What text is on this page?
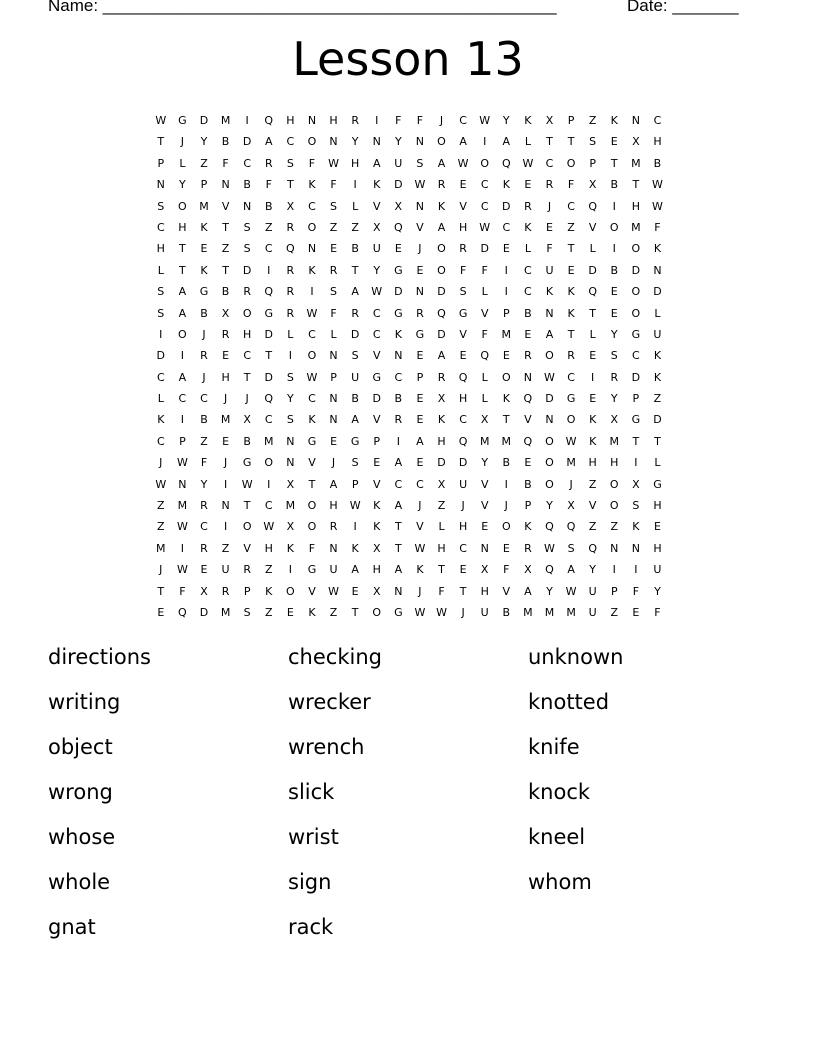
Name: ________________________________________________	Date: _______
Lesson 13
W	G	D	M	I	Q	H	N	H	R	I	F	F	J	C	W	Y	K	X	P	Z	K	N	C
T	J	Y	B	D	A	C	O	N	Y	N	Y	N	O	A	I	A	L	T	T	S	E	X	H
P	L	Z	F	C	R	S	F	W	H	A	U	S	A	W	O	Q	W	C	O	P	T	M	B
N	Y	P	N	B	F	T	K	F	I	K	D	W	R	E	C	K	E	R	F	X	B	T	W
S	O	M	V	N	B	X	C	S	L	V	X	N	K	V	C	D	R	J	C	Q	I	H	W
C	H	K	T	S	Z	R	O	Z	Z	X	Q	V	A	H	W	C	K	E	Z	V	O	M	F
H	T	E	Z	S	C	Q	N	E	B	U	E	J	O	R	D	E	L	F	T	L	I	O	K
L	T	K	T	D	I	R	K	R	T	Y	G	E	O	F	F	I	C	U	E	D	B	D	N
S	A	G	B	R	Q	R	I	S	A	W	D	N	D	S	L	I	C	K	K	Q	E	O	D
S	A	B	X	O	G	R	W	F	R	C	G	R	Q	G	V	P	B	N	K	T	E	O	L
I	O	J	R	H	D	L	C	L	D	C	K	G	D	V	F	M	E	A	T	L	Y	G	U
D	I	R	E	C	T	I	O	N	S	V	N	E	A	E	Q	E	R	O	R	E	S	C	K
C	A	J	H	T	D	S	W	P	U	G	C	P	R	Q	L	O	N	W	C	I	R	D	K
L	C	C	J	J	Q	Y	C	N	B	D	B	E	X	H	L	K	Q	D	G	E	Y	P	Z
K	I	B	M	X	C	S	K	N	A	V	R	E	K	C	X	T	V	N	O	K	X	G	D
C	P	Z	E	B	M	N	G	E	G	P	I	A	H	Q	M	M	Q	O	W	K	M	T	T
J	W	F	J	G	O	N	V	J	S	E	A	E	D	D	Y	B	E	O	M	H	H	I	L
W	N	Y	I	W	I	X	T	A	P	V	C	C	X	U	V	I	B	O	J	Z	O	X	G
Z	M	R	N	T	C	M	O	H	W	K	A	J	Z	J	V	J	P	Y	X	V	O	S	H
Z	W	C	I	O	W	X	O	R	I	K	T	V	L	H	E	O	K	Q	Q	Z	Z	K	E
M	I	R	Z	V	H	K	F	N	K	X	T	W	H	C	N	E	R	W	S	Q	N	N	H
J	W	E	U	R	Z	I	G	U	A	H	A	K	T	E	X	F	X	Q	A	Y	I	I	U
T	F	X	R	P	K	O	V	W	E	X	N	J	F	T	H	V	A	Y	W	U	P	F	Y
E	Q	D	M	S	Z	E	K	Z	T	O	G	W W	J	U	B	M	M	M	U	Z	E	F
directions
writing
object
wrong
whose
whole
gnat
checking
wrecker
wrench
slick
wrist
sign
rack
unknown
knotted
knife
knock
kneel
whom
